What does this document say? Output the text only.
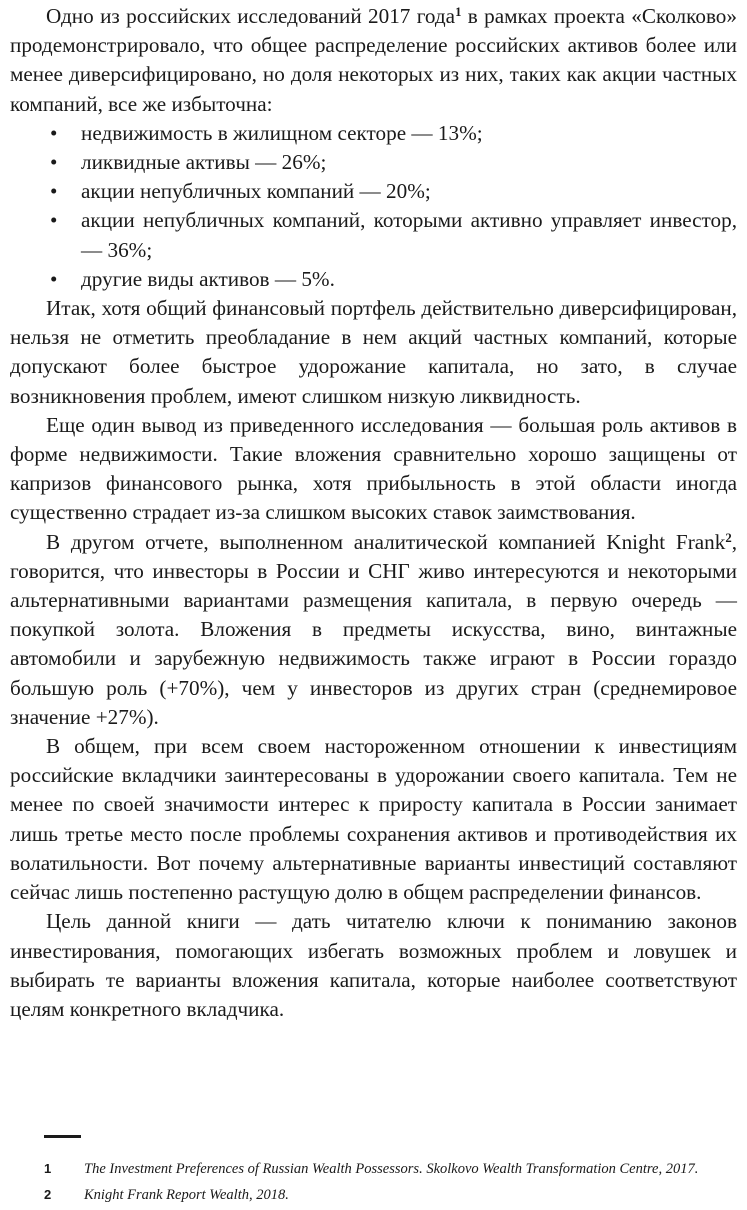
Одно из российских исследований 2017 года$^1$ в рамках проекта «Сколково» продемонстрировало, что общее распределение российских активов более или менее диверсифицировано, но доля некоторых из них, таких как акции частных компаний, все же избыточна:

• недвижимость в жилищном секторе — 13%;
• ликвидные активы — 26%;
• акции непубличных компаний — 20%;
• акции непубличных компаний, которыми активно управляет инвестор, — 36%;
• другие виды активов — 5%.

Итак, хотя общий финансовый портфель действительно диверсифицирован, нельзя не отметить преобладание в нем акций частных компаний, которые допускают более быстрое удорожание капитала, но зато, в случае возникновения проблем, имеют слишком низкую ликвидность.

Еще один вывод из приведенного исследования — большая роль активов в форме недвижимости. Такие вложения сравнительно хорошо защищены от капризов финансового рынка, хотя прибыльность в этой области иногда существенно страдает из-за слишком высоких ставок заимствования.

В другом отчете, выполненном аналитической компанией Knight Frank$^2$, говорится, что инвесторы в России и СНГ живо интересуются и некоторыми альтернативными вариантами размещения капитала, в первую очередь — покупкой золота. Вложения в предметы искусства, вино, винтажные автомобили и зарубежную недвижимость также играют в России гораздо большую роль (+70%), чем у инвесторов из других стран (среднемировое значение +27%).

В общем, при всем своем настороженном отношении к инвестициям российские вкладчики заинтересованы в удорожании своего капитала. Тем не менее по своей значимости интерес к приросту капитала в России занимает лишь третье место после проблемы сохранения активов и противодействия их волатильности. Вот почему альтернативные варианты инвестиций составляют сейчас лишь постепенно растущую долю в общем распределении финансов.

Цель данной книги — дать читателю ключи к пониманию законов инвестирования, помогающих избегать возможных проблем и ловушек и выбирать те варианты вложения капитала, которые наиболее соответствуют целям конкретного вкладчика.

1	The Investment Preferences of Russian Wealth Possessors. Skolkovo Wealth Transformation Centre, 2017.
2	Knight Frank Report Wealth, 2018.
